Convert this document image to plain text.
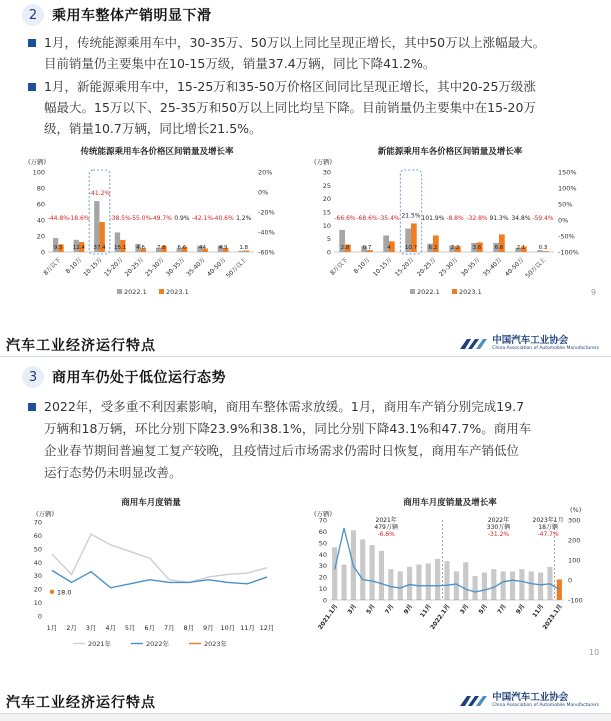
2	乘用车整体产销明显下滑
1月，传统能源乘用车中，30-35万、50万以上同比呈现正增长，其中50万以上涨幅最大。
目前销量仍主要集中在10-15万级，销量37.4万辆，同比下降41.2%。
1月，新能源乘用车中，15-25万和35-50万价格区间同比呈现正增长，其中20-25万级涨
幅最大。15万以下、25-35万和50万以上同比均呈下降。目前销量仍主要集中在15-20万
级，销量10.7万辆，同比增长21.5%。
传统能源乘用车各价格区间销量及增长率
(万辆)
0
20
40
60
80
100	20%
0%
-20%
-40%
-60%
9.5
-44.8%
8万以下
12.4
-18.6%
8-10万
37.4
-41.2%
10-15万
15.1
-38.5%
15-20万
4.6
-55.0%
20-25万
7.8
-49.7%
25-30万
6.6
0.9%
30-35万
44
-42.1%
35-40万
4.9
-40.6%
40-50万
1.8
1.2%
50万以上
2022.1	2023.1
新能源乘用车各价格区间销量及增长率
(万辆)
0
5
10
15
20
25
30	150%
100%
50%
0%
-50%
-100%
2.8
-66.6%
8万以下
0.7
-68.6%
8-10万
4
-35.4%
10-15万
10.7
21.5%
15-20万
6.2
101.9%
20-25万
2.2
-8.8%
25-30万
3.6
-32.8%
30-35万
6.6
91.3%
35-40万
2.1
34.8%
40-50万
0.3
-59.4%
50万以上
2022.1	2023.1	9
汽车工业经济运行特点	中国汽车工业协会
China Association of Automobile Manufacturers
3	商用车仍处于低位运行态势
2022年，受多重不利因素影响，商用车整体需求放缓。1月，商用车产销分别完成19.7
万辆和18万辆，环比分别下降23.9%和38.1%，同比分别下降43.1%和47.7%。商用车
企业春节期间普遍复工复产较晚，且疫情过后市场需求仍需时日恢复，商用车产销低位
运行态势仍未明显改善。
商用车月度销量
(万辆)
0
10
20
30
40
50
60
70
1月 2月 3月 4月 5月 6月 7月 8月 9月 10月 11月 12月
18.0
2021年	2022年	2023年
商用车月度销量及增长率
(万辆)	(%)
0
10
20
30
40
50
60
70	300
200
100
0
-100
2021年
479万辆
-6.6%
2022年
330万辆
-31.2%
2023年1月
18万辆
-47.7%
2021.1月 3月 5月 7月 9月 11月
2022.1月 3月 5月 7月 9月 11月
2023.1月
10
汽车工业经济运行特点	中国汽车工业协会
China Association of Automobile Manufacturers
